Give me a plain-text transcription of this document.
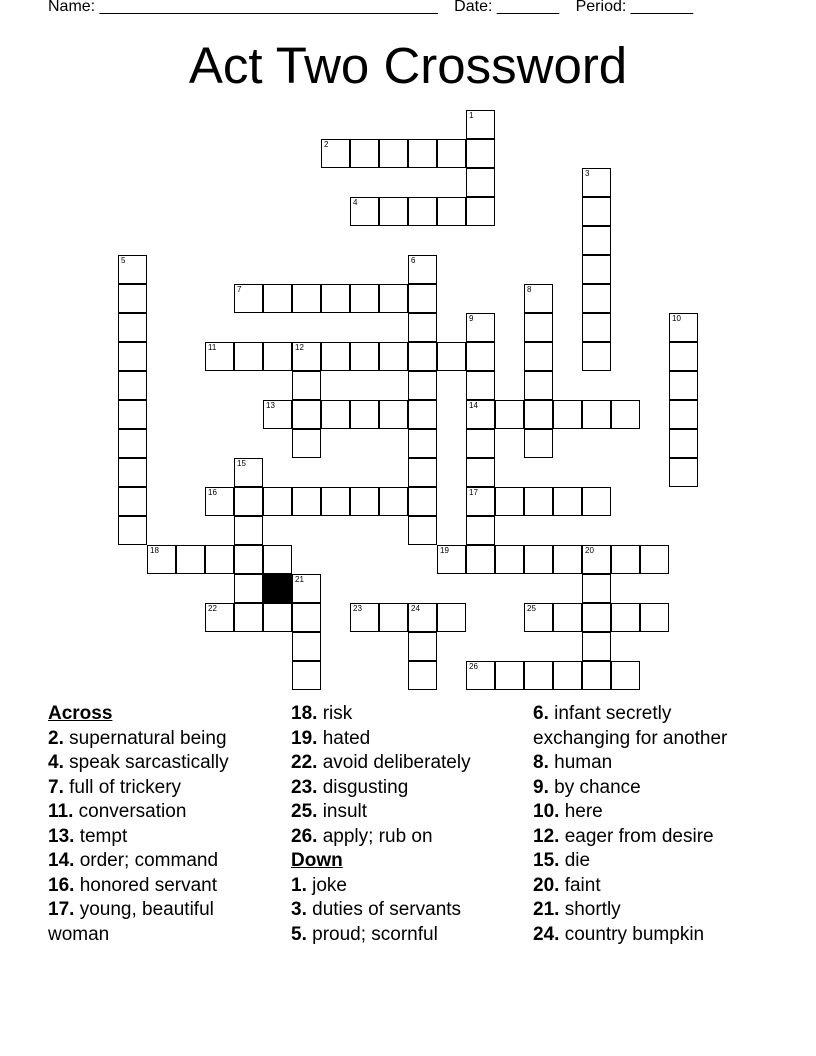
Name: ______________________________________ Date: _______ Period: _______
Act Two Crossword
2
4
7
11	12
13	14
16	17
18	19	20
22	23	24	25
26
1
3
5	6
8
9	10
15
21
Across
2. supernatural being
4. speak sarcastically
7. full of trickery
11. conversation
13. tempt
14. order; command
16. honored servant
17. young, beautiful woman
18. risk
19. hated
22. avoid deliberately
23. disgusting
25. insult
26. apply; rub on
Down
1. joke
3. duties of servants
5. proud; scornful
6. infant secretly exchanging for another
8. human
9. by chance
10. here
12. eager from desire
15. die
20. faint
21. shortly
24. country bumpkin
